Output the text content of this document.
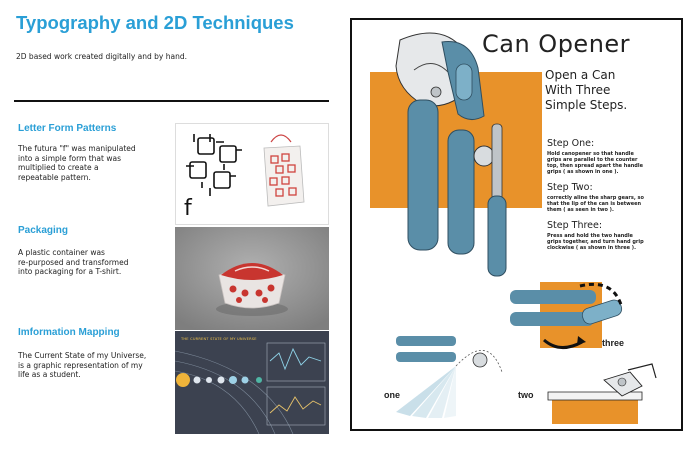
Typography and 2D Techniques
2D based work created digitally and by hand.
Letter Form Patterns
The futura "f" was manipulated
into a simple form that was
multiplied to create a
repeatable pattern.
Packaging
A plastic container was
re-purposed and transformed
into packaging for a T-shirt.
Imformation Mapping
The Current State of my Universe,
is a graphic representation of my
life as a student.
f
THE CURRENT STATE OF MY UNIVERSE
Can Opener
Open a Can
With Three
Simple Steps.
Step One:
Hold canopener so that handle
grips are parallel to the counter
top, then spread apart the handle
grips ( as shown in one ).
Step Two:
correctly aline the sharp gears, so
that the lip of the can is between
them ( as seen in two ).
Step Three:
Press and hold the two handle
grips together, and turn hand grip
clockwise ( as shown in three ).
three
one	two
